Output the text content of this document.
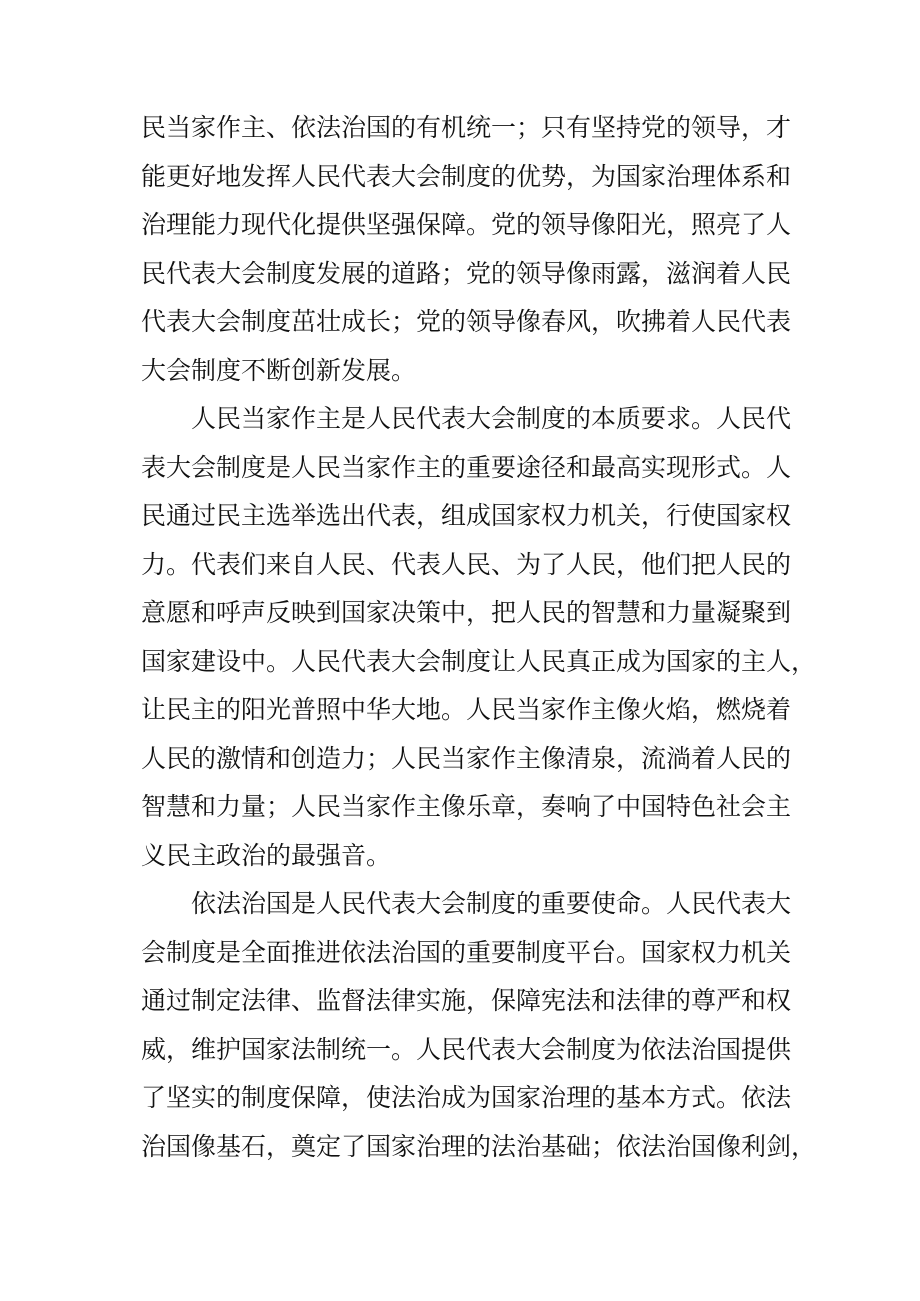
民当家作主、依法治国的有机统一；只有坚持党的领导，才
能更好地发挥人民代表大会制度的优势，为国家治理体系和
治理能力现代化提供坚强保障。党的领导像阳光，照亮了人
民代表大会制度发展的道路；党的领导像雨露，滋润着人民
代表大会制度茁壮成长；党的领导像春风，吹拂着人民代表
大会制度不断创新发展。
人民当家作主是人民代表大会制度的本质要求。人民代
表大会制度是人民当家作主的重要途径和最高实现形式。人
民通过民主选举选出代表，组成国家权力机关，行使国家权
力。代表们来自人民、代表人民、为了人民，他们把人民的
意愿和呼声反映到国家决策中，把人民的智慧和力量凝聚到
国家建设中。人民代表大会制度让人民真正成为国家的主人，
让民主的阳光普照中华大地。人民当家作主像火焰，燃烧着
人民的激情和创造力；人民当家作主像清泉，流淌着人民的
智慧和力量；人民当家作主像乐章，奏响了中国特色社会主
义民主政治的最强音。
依法治国是人民代表大会制度的重要使命。人民代表大
会制度是全面推进依法治国的重要制度平台。国家权力机关
通过制定法律、监督法律实施，保障宪法和法律的尊严和权
威，维护国家法制统一。人民代表大会制度为依法治国提供
了坚实的制度保障，使法治成为国家治理的基本方式。依法
治国像基石，奠定了国家治理的法治基础；依法治国像利剑，
